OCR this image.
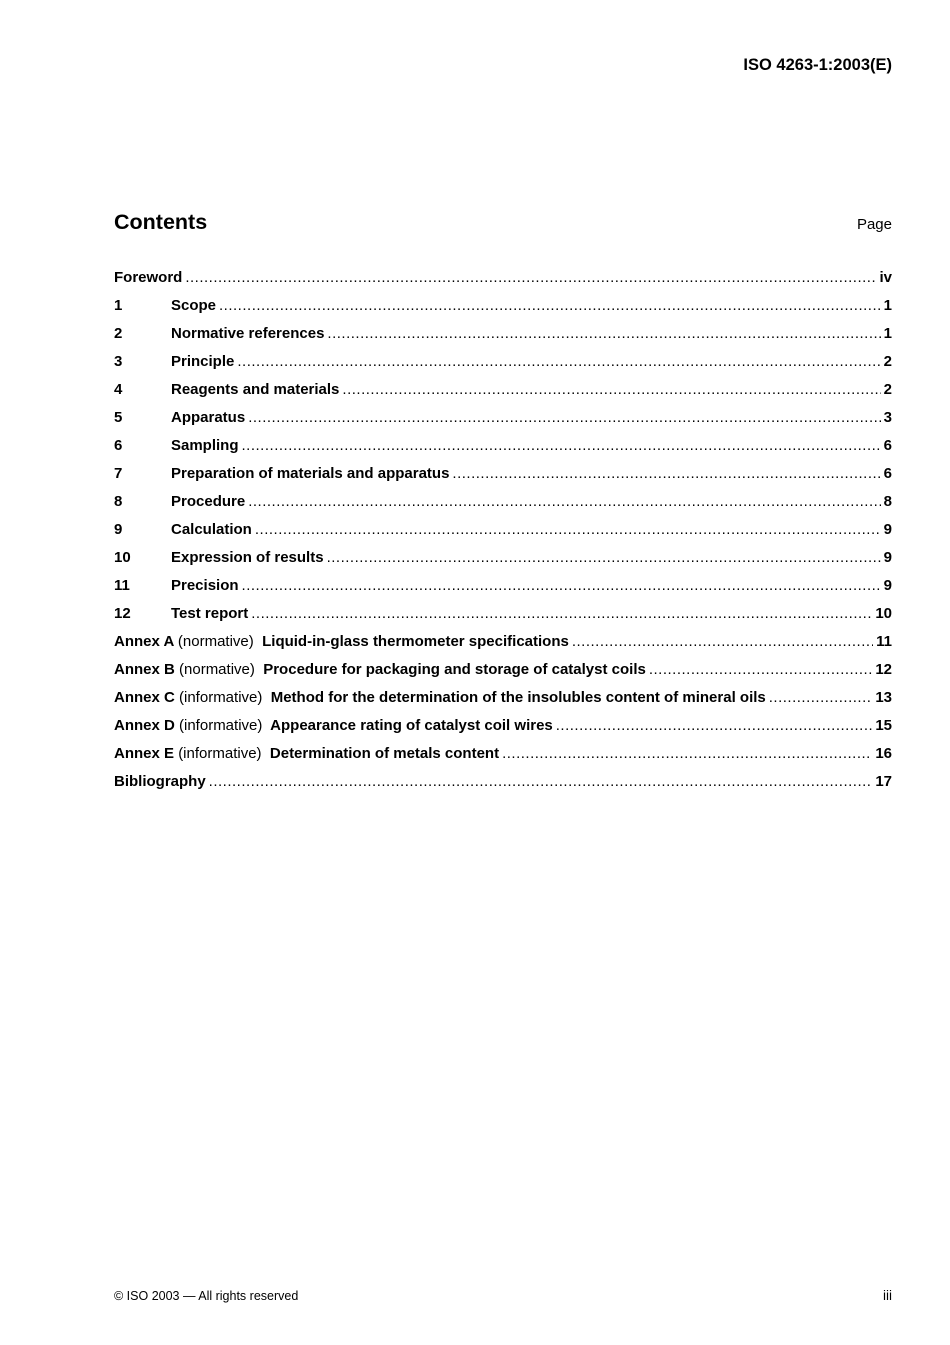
ISO 4263-1:2003(E)
Contents	Page
Foreword .....	iv
1	Scope .....	1
2	Normative references .....	1
3	Principle .....	2
4	Reagents and materials .....	2
5	Apparatus .....	3
6	Sampling .....	6
7	Preparation of materials and apparatus .....	6
8	Procedure .....	8
9	Calculation .....	9
10	Expression of results .....	9
11	Precision .....	9
12	Test report .....	10
Annex A (normative) Liquid-in-glass thermometer specifications .....	11
Annex B (normative) Procedure for packaging and storage of catalyst coils .....	12
Annex C (informative) Method for the determination of the insolubles content of mineral oils .....	13
Annex D (informative) Appearance rating of catalyst coil wires .....	15
Annex E (informative) Determination of metals content .....	16
Bibliography .....	17
© ISO 2003 — All rights reserved	iii
